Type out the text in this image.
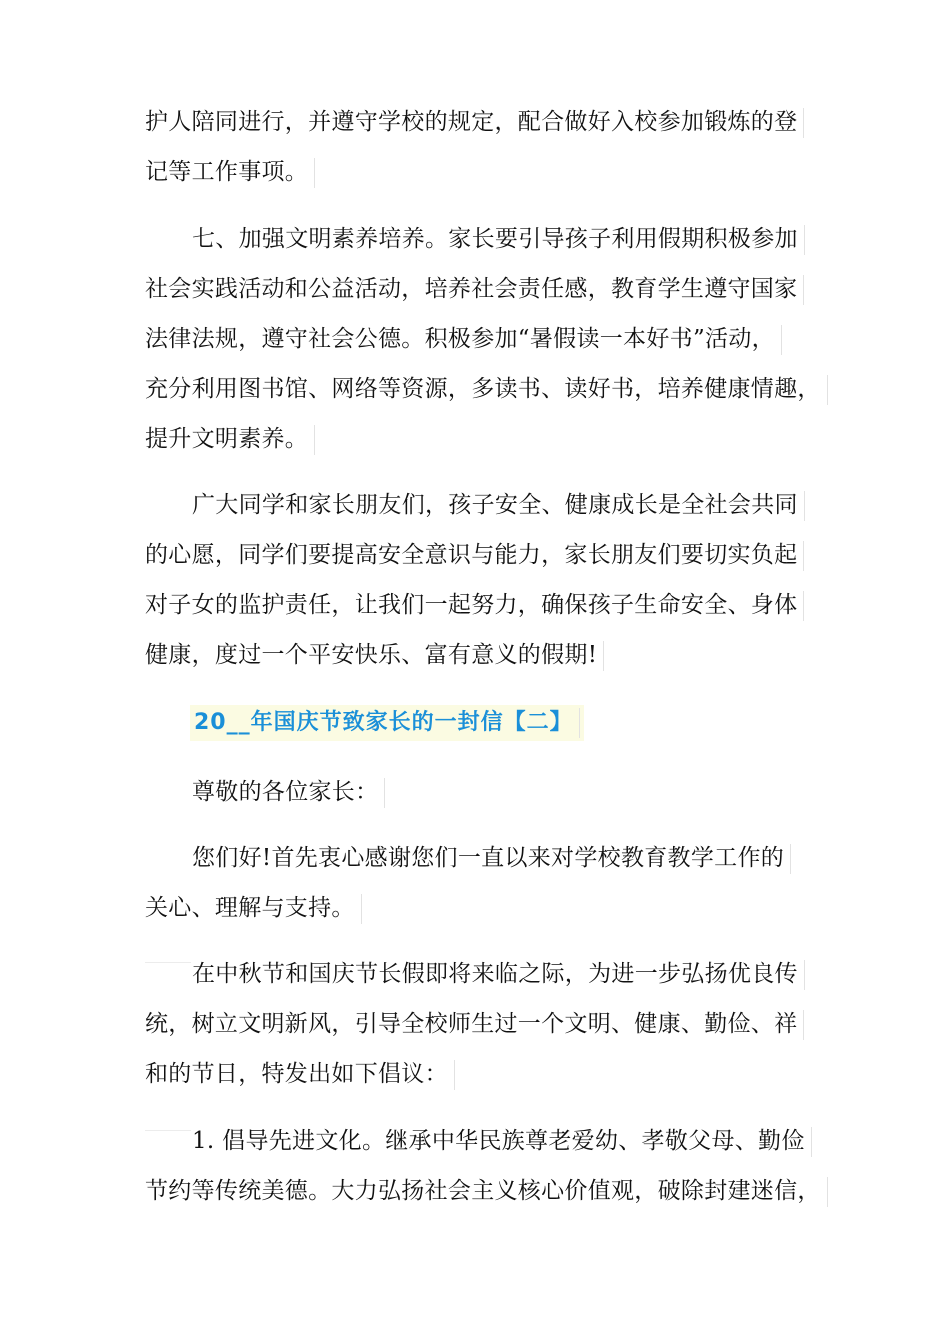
护人陪同进行，并遵守学校的规定，配合做好入校参加锻炼的登
记等工作事项。
七、加强文明素养培养。家长要引导孩子利用假期积极参加
社会实践活动和公益活动，培养社会责任感，教育学生遵守国家
法律法规，遵守社会公德。积极参加“暑假读一本好书”活动，
充分利用图书馆、网络等资源，多读书、读好书，培养健康情趣，
提升文明素养。
广大同学和家长朋友们，孩子安全、健康成长是全社会共同
的心愿，同学们要提高安全意识与能力，家长朋友们要切实负起
对子女的监护责任，让我们一起努力，确保孩子生命安全、身体
健康，度过一个平安快乐、富有意义的假期!
20__年国庆节致家长的一封信【二】
尊敬的各位家长：
您们好!首先衷心感谢您们一直以来对学校教育教学工作的
关心、理解与支持。
在中秋节和国庆节长假即将来临之际，为进一步弘扬优良传
统，树立文明新风，引导全校师生过一个文明、健康、勤俭、祥
和的节日，特发出如下倡议：
1. 倡导先进文化。继承中华民族尊老爱幼、孝敬父母、勤俭
节约等传统美德。大力弘扬社会主义核心价值观，破除封建迷信，
